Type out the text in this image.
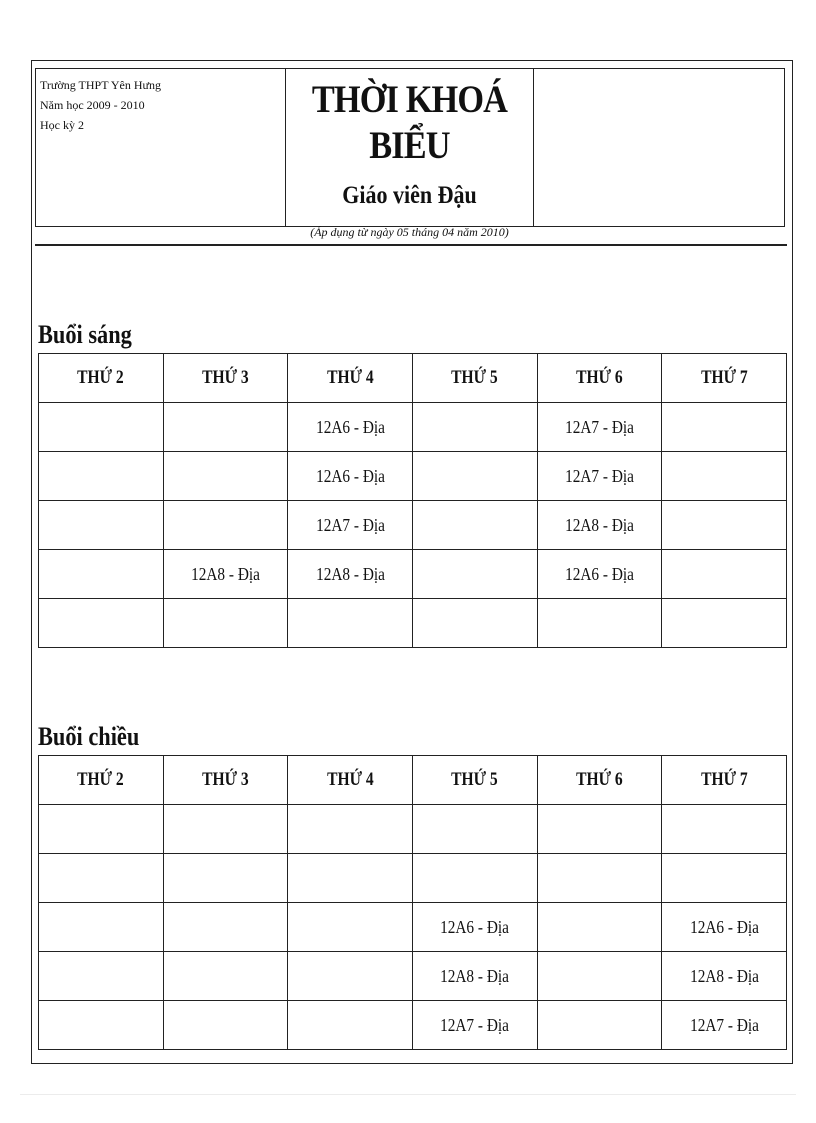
Trường THPT Yên Hưng
Năm học 2009 - 2010
Học kỳ 2
THỜI KHOÁ BIỂU
Giáo viên Đậu
(Áp dụng từ ngày 05 tháng 04 năm 2010)
Buổi sáng
THỨ 2	THỨ 3	THỨ 4	THỨ 5	THỨ 6	THỨ 7
		12A6 - Địa		12A7 - Địa	
		12A6 - Địa		12A7 - Địa	
		12A7 - Địa		12A8 - Địa	
	12A8 - Địa	12A8 - Địa		12A6 - Địa	

Buổi chiều
THỨ 2	THỨ 3	THỨ 4	THỨ 5	THỨ 6	THỨ 7

			12A6 - Địa		12A6 - Địa
			12A8 - Địa		12A8 - Địa
			12A7 - Địa		12A7 - Địa
